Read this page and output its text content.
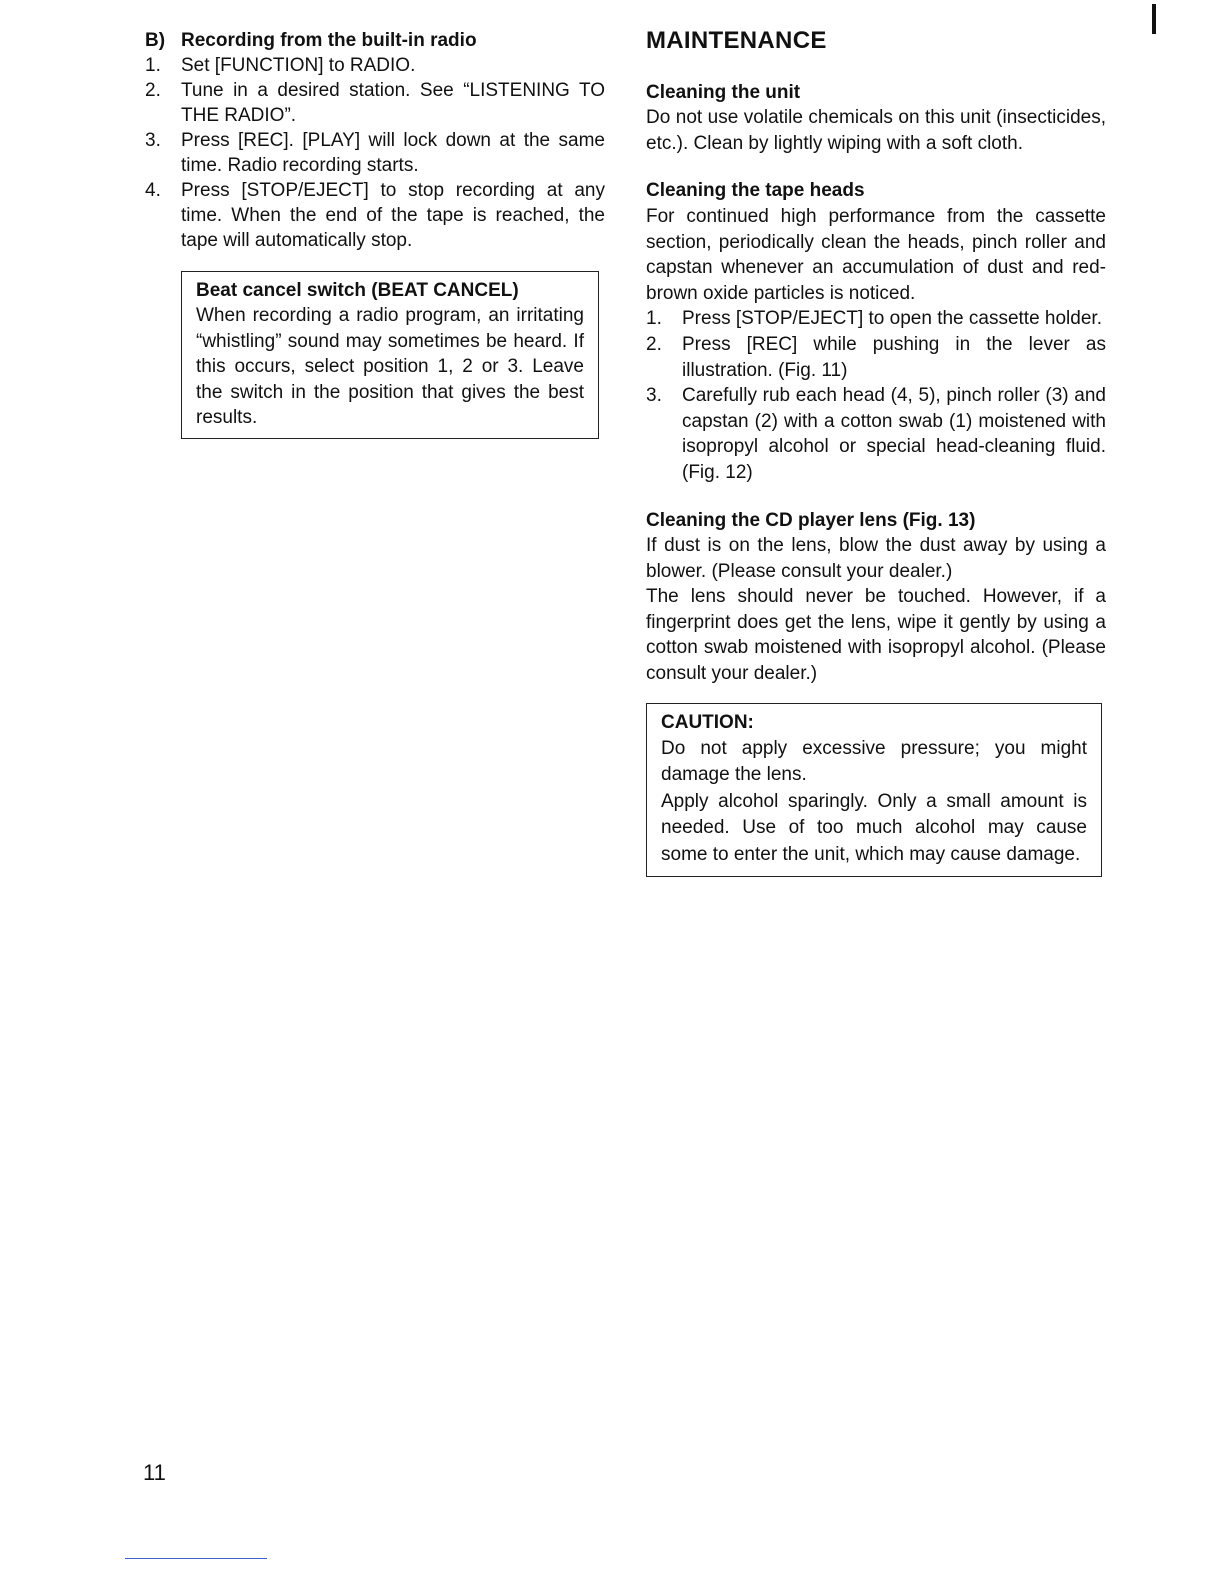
B) Recording from the built-in radio

1. Set [FUNCTION] to RADIO.
2. Tune in a desired station. See “LISTENING TO THE RADIO”.
3. Press [REC]. [PLAY] will lock down at the same time. Radio recording starts.
4. Press [STOP/EJECT] to stop recording at any time. When the end of the tape is reached, the tape will automatically stop.

Beat cancel switch (BEAT CANCEL)

When recording a radio program, an irritating “whistling” sound may sometimes be heard. If this occurs, select position 1, 2 or 3. Leave the switch in the position that gives the best results.

MAINTENANCE

Cleaning the unit

Do not use volatile chemicals on this unit (insecticides, etc.). Clean by lightly wiping with a soft cloth.

Cleaning the tape heads

For continued high performance from the cassette section, periodically clean the heads, pinch roller and capstan whenever an accumulation of dust and red-brown oxide particles is noticed.

1. Press [STOP/EJECT] to open the cassette holder.
2. Press [REC] while pushing in the lever as illustration. (Fig. 11)
3. Carefully rub each head (4, 5), pinch roller (3) and capstan (2) with a cotton swab (1) moistened with isopropyl alcohol or special head-cleaning fluid. (Fig. 12)

Cleaning the CD player lens (Fig. 13)

If dust is on the lens, blow the dust away by using a blower. (Please consult your dealer.)

The lens should never be touched. However, if a fingerprint does get the lens, wipe it gently by using a cotton swab moistened with isopropyl alcohol. (Please consult your dealer.)

CAUTION:

Do not apply excessive pressure; you might damage the lens.

Apply alcohol sparingly. Only a small amount is needed. Use of too much alcohol may cause some to enter the unit, which may cause damage.

11
